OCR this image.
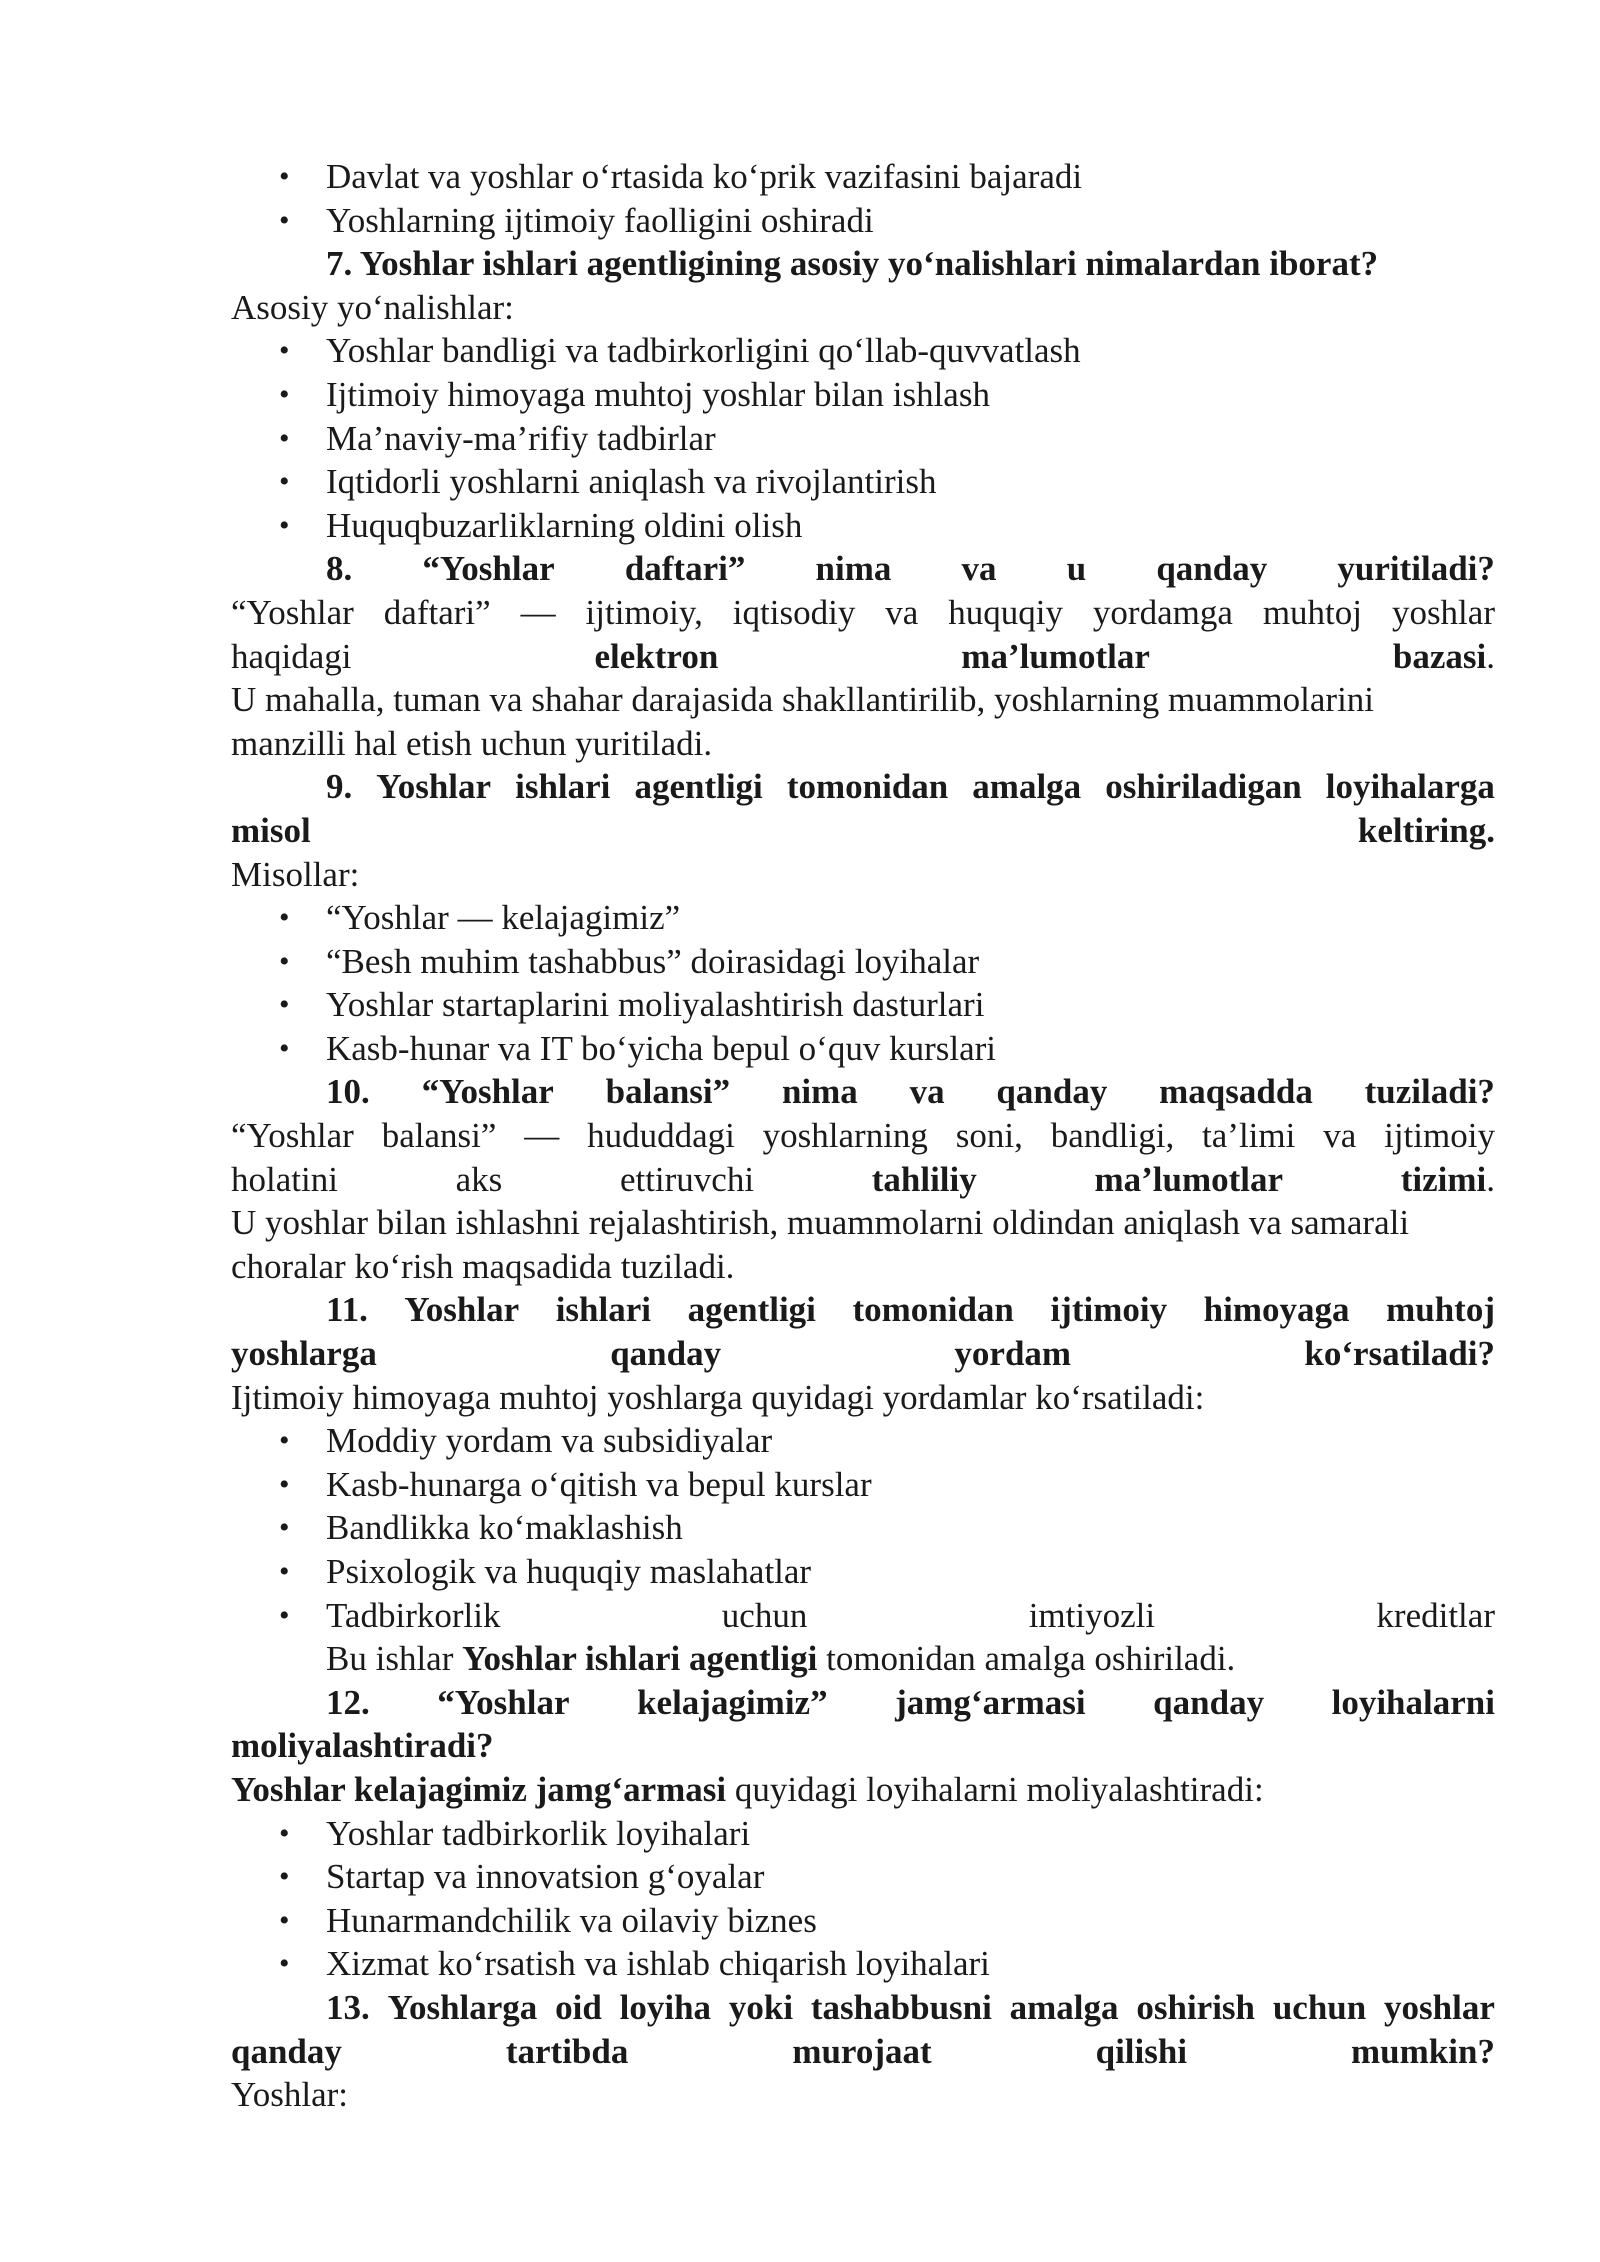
• Davlat va yoshlar o‘rtasida ko‘prik vazifasini bajaradi
• Yoshlarning ijtimoiy faolligini oshiradi
7. Yoshlar ishlari agentligining asosiy yo‘nalishlari nimalardan iborat?
Asosiy yo‘nalishlar:
• Yoshlar bandligi va tadbirkorligini qo‘llab-quvvatlash
• Ijtimoiy himoyaga muhtoj yoshlar bilan ishlash
• Ma’naviy-ma’rifiy tadbirlar
• Iqtidorli yoshlarni aniqlash va rivojlantirish
• Huquqbuzarliklarning oldini olish
8. “Yoshlar daftari” nima va u qanday yuritiladi?
“Yoshlar daftari” — ijtimoiy, iqtisodiy va huquqiy yordamga muhtoj yoshlar
haqidagi	elektron	ma’lumotlar	bazasi.
U mahalla, tuman va shahar darajasida shakllantirilib, yoshlarning muammolarini
manzilli hal etish uchun yuritiladi.
9. Yoshlar ishlari agentligi tomonidan amalga oshiriladigan loyihalarga
misol	keltiring.
Misollar:
• “Yoshlar — kelajagimiz”
• “Besh muhim tashabbus” doirasidagi loyihalar
• Yoshlar startaplarini moliyalashtirish dasturlari
• Kasb-hunar va IT bo‘yicha bepul o‘quv kurslari
10. “Yoshlar balansi” nima va qanday maqsadda tuziladi?
“Yoshlar balansi” — hududdagi yoshlarning soni, bandligi, ta’limi va ijtimoiy
holatini	aks	ettiruvchi	tahliliy	ma’lumotlar	tizimi.
U yoshlar bilan ishlashni rejalashtirish, muammolarni oldindan aniqlash va samarali
choralar ko‘rish maqsadida tuziladi.
11. Yoshlar ishlari agentligi tomonidan ijtimoiy himoyaga muhtoj
yoshlarga	qanday	yordam	ko‘rsatiladi?
Ijtimoiy himoyaga muhtoj yoshlarga quyidagi yordamlar ko‘rsatiladi:
• Moddiy yordam va subsidiyalar
• Kasb-hunarga o‘qitish va bepul kurslar
• Bandlikka ko‘maklashish
• Psixologik va huquqiy maslahatlar
• Tadbirkorlik	uchun	imtiyozli	kreditlar
Bu ishlar Yoshlar ishlari agentligi tomonidan amalga oshiriladi.
12. “Yoshlar kelajagimiz” jamg‘armasi qanday loyihalarni
moliyalashtiradi?
Yoshlar kelajagimiz jamg‘armasi quyidagi loyihalarni moliyalashtiradi:
• Yoshlar tadbirkorlik loyihalari
• Startap va innovatsion g‘oyalar
• Hunarmandchilik va oilaviy biznes
• Xizmat ko‘rsatish va ishlab chiqarish loyihalari
13. Yoshlarga oid loyiha yoki tashabbusni amalga oshirish uchun yoshlar
qanday	tartibda	murojaat	qilishi	mumkin?
Yoshlar:
